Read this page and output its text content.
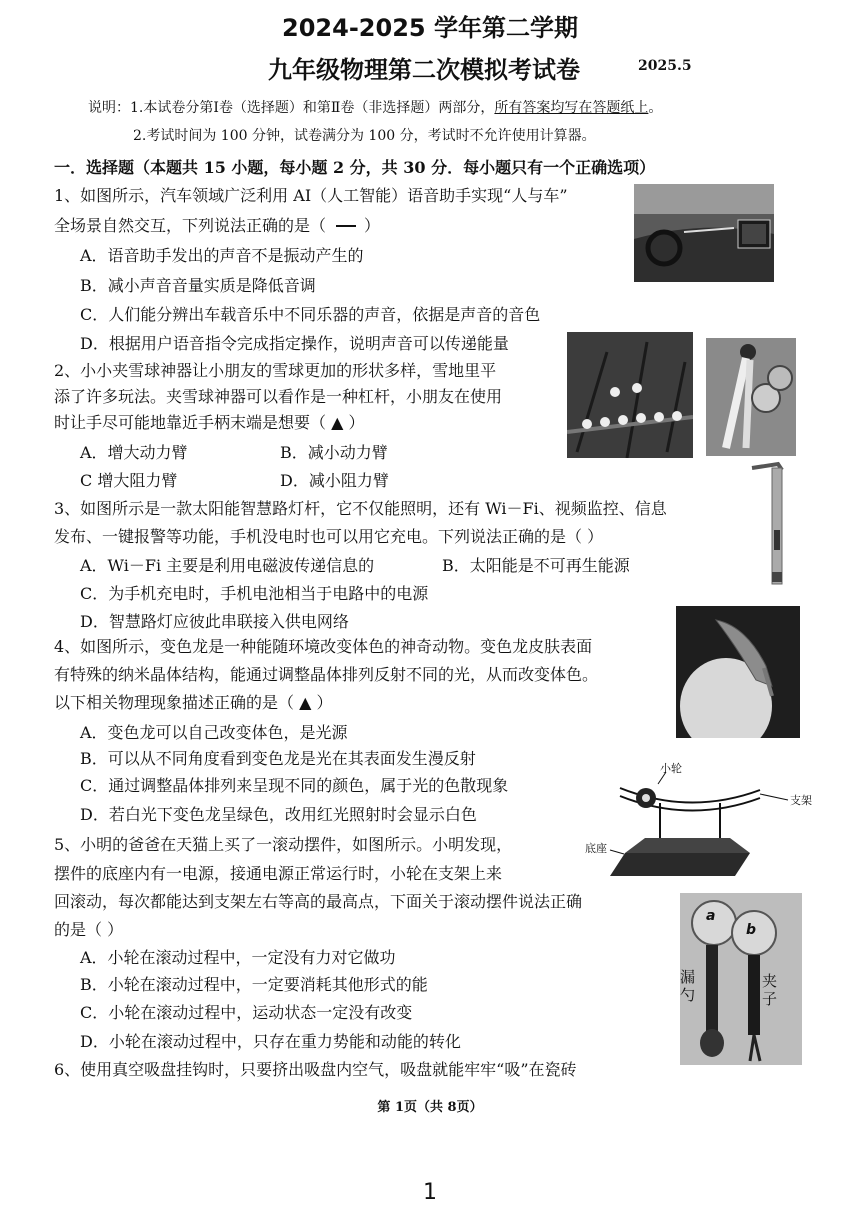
2024-2025 学年第二学期
九年级物理第二次模拟考试卷	2025.5
说明：1.本试卷分第Ⅰ卷（选择题）和第Ⅱ卷（非选择题）两部分，所有答案均写在答题纸上。
2.考试时间为 100 分钟，试卷满分为 100 分，考试时不允许使用计算器。
一．选择题（本题共 15 小题，每小题 2 分，共 30 分．每小题只有一个正确选项）
1、如图所示，汽车领域广泛利用 AI（人工智能）语音助手实现“人与车”
全场景自然交互，下列说法正确的是（ ）
A．语音助手发出的声音不是振动产生的
B．减小声音音量实质是降低音调
C．人们能分辨出车载音乐中不同乐器的声音，依据是声音的音色
D．根据用户语音指令完成指定操作，说明声音可以传递能量
2、小小夹雪球神器让小朋友的雪球更加的形状多样，雪地里平
添了许多玩法。夹雪球神器可以看作是一种杠杆，小朋友在使用
时让手尽可能地靠近手柄末端是想要（ ▲ ）
A．增大动力臂	B．减小动力臂
C 增大阻力臂	D．减小阻力臂
3、如图所示是一款太阳能智慧路灯杆，它不仅能照明，还有 Wi－Fi、视频监控、信息
发布、一键报警等功能，手机没电时也可以用它充电。下列说法正确的是（ ）
A．Wi－Fi 主要是利用电磁波传递信息的	B．太阳能是不可再生能源
C．为手机充电时，手机电池相当于电路中的电源
D．智慧路灯应彼此串联接入供电网络
4、如图所示，变色龙是一种能随环境改变体色的神奇动物。变色龙皮肤表面
有特殊的纳米晶体结构，能通过调整晶体排列反射不同的光，从而改变体色。
以下相关物理现象描述正确的是（ ▲ ）
A．变色龙可以自己改变体色，是光源
B．可以从不同角度看到变色龙是光在其表面发生漫反射
C．通过调整晶体排列来呈现不同的颜色，属于光的色散现象
D．若白光下变色龙呈绿色，改用红光照射时会显示白色
5、小明的爸爸在天猫上买了一滚动摆件，如图所示。小明发现，
摆件的底座内有一电源，接通电源正常运行时，小轮在支架上来
回滚动，每次都能达到支架左右等高的最高点，下面关于滚动摆件说法正确
的是（ ）
A．小轮在滚动过程中，一定没有力对它做功
B．小轮在滚动过程中，一定要消耗其他形式的能
C．小轮在滚动过程中，运动状态一定没有改变
D．小轮在滚动过程中，只存在重力势能和动能的转化
小轮
支架
底座
a
b
漏勺
夹子
6、使用真空吸盘挂钩时，只要挤出吸盘内空气，吸盘就能牢牢“吸”在瓷砖
第 1页（共 8页）
1
